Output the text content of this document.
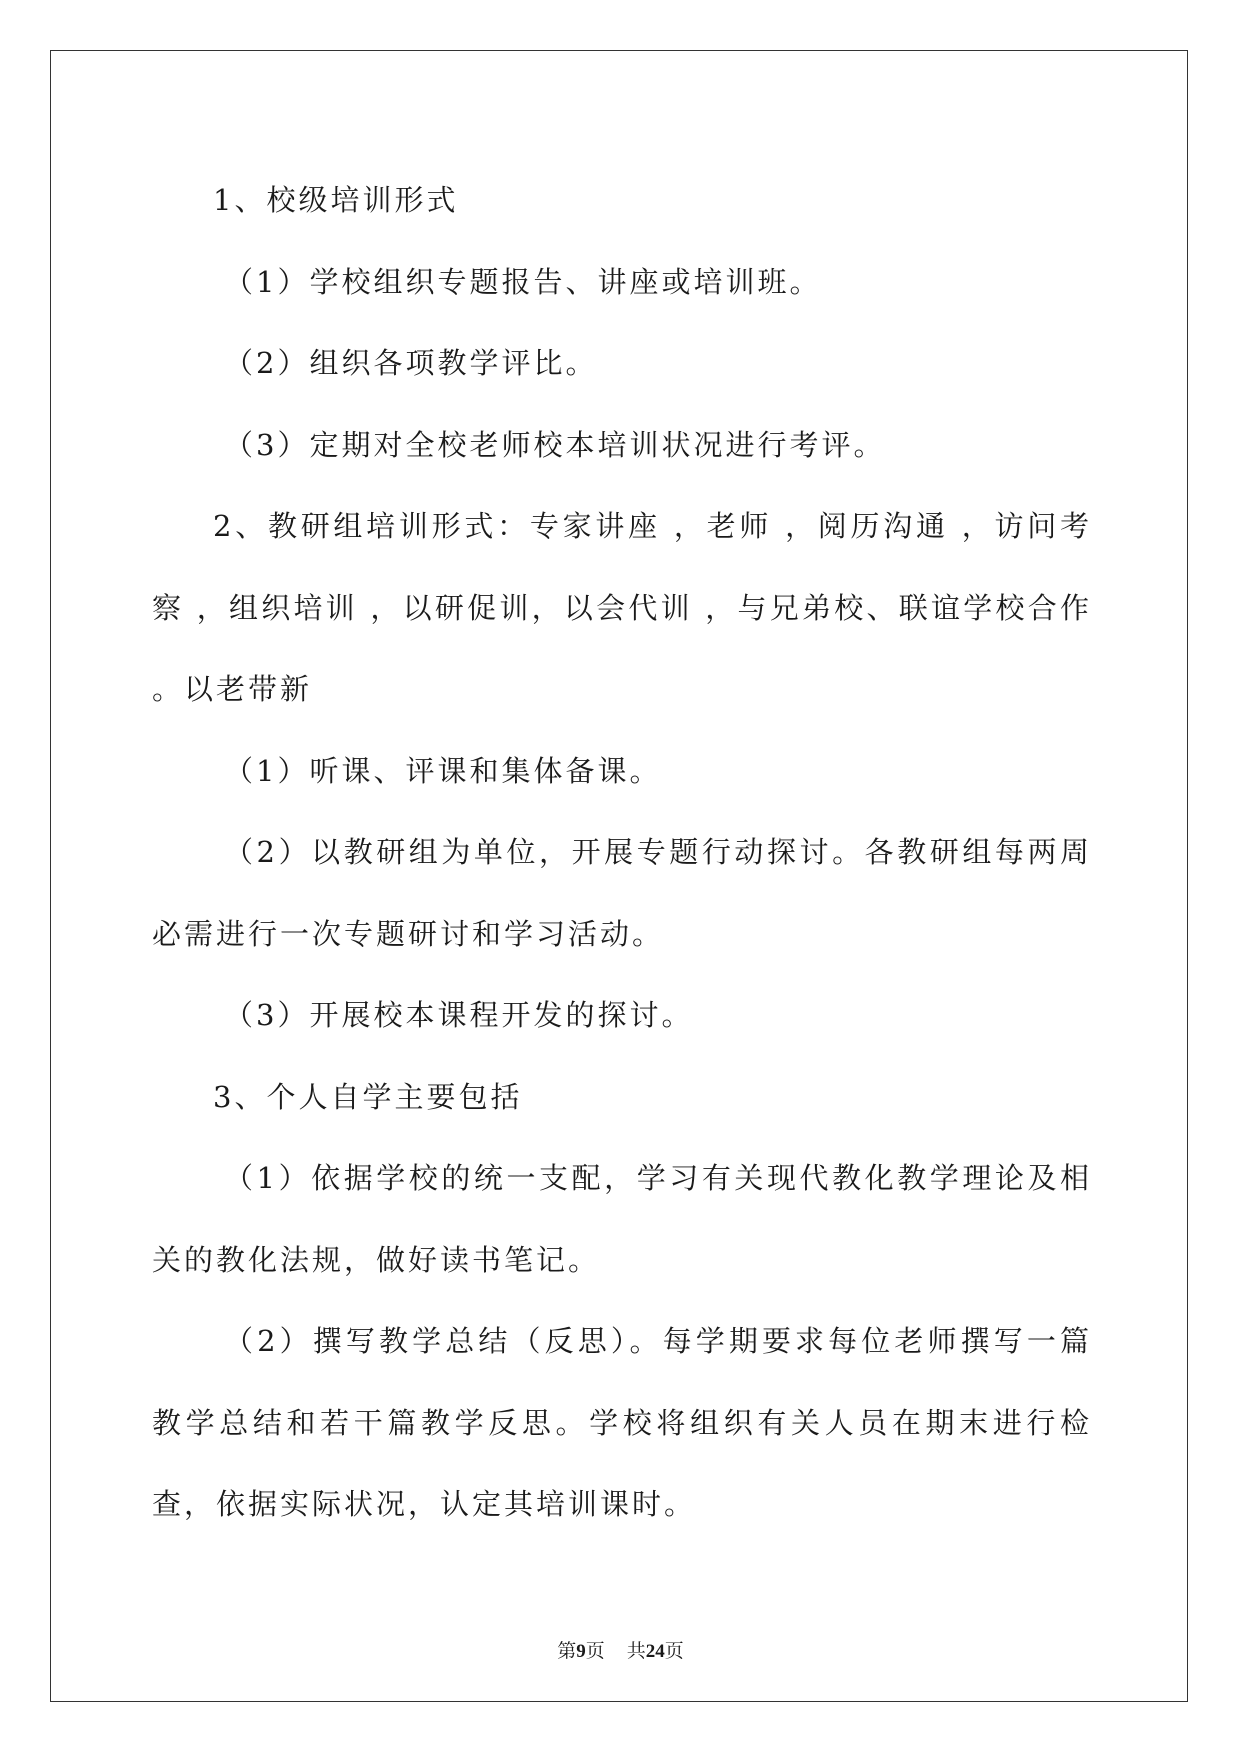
1、校级培训形式

（1）学校组织专题报告、讲座或培训班。

（2）组织各项教学评比。

（3）定期对全校老师校本培训状况进行考评。

2、教研组培训形式：专家讲座 ，老师 ，阅历沟通 ，访问考察 ，组织培训 ，以研促训，以会代训 ，与兄弟校、联谊学校合作 。以老带新

（1）听课、评课和集体备课。

（2）以教研组为单位，开展专题行动探讨。各教研组每两周必需进行一次专题研讨和学习活动。

（3）开展校本课程开发的探讨。

3、个人自学主要包括

（1）依据学校的统一支配，学习有关现代教化教学理论及相关的教化法规，做好读书笔记。

（2）撰写教学总结（反思）。每学期要求每位老师撰写一篇教学总结和若干篇教学反思。学校将组织有关人员在期末进行检查，依据实际状况，认定其培训课时。

第9页 共24页
